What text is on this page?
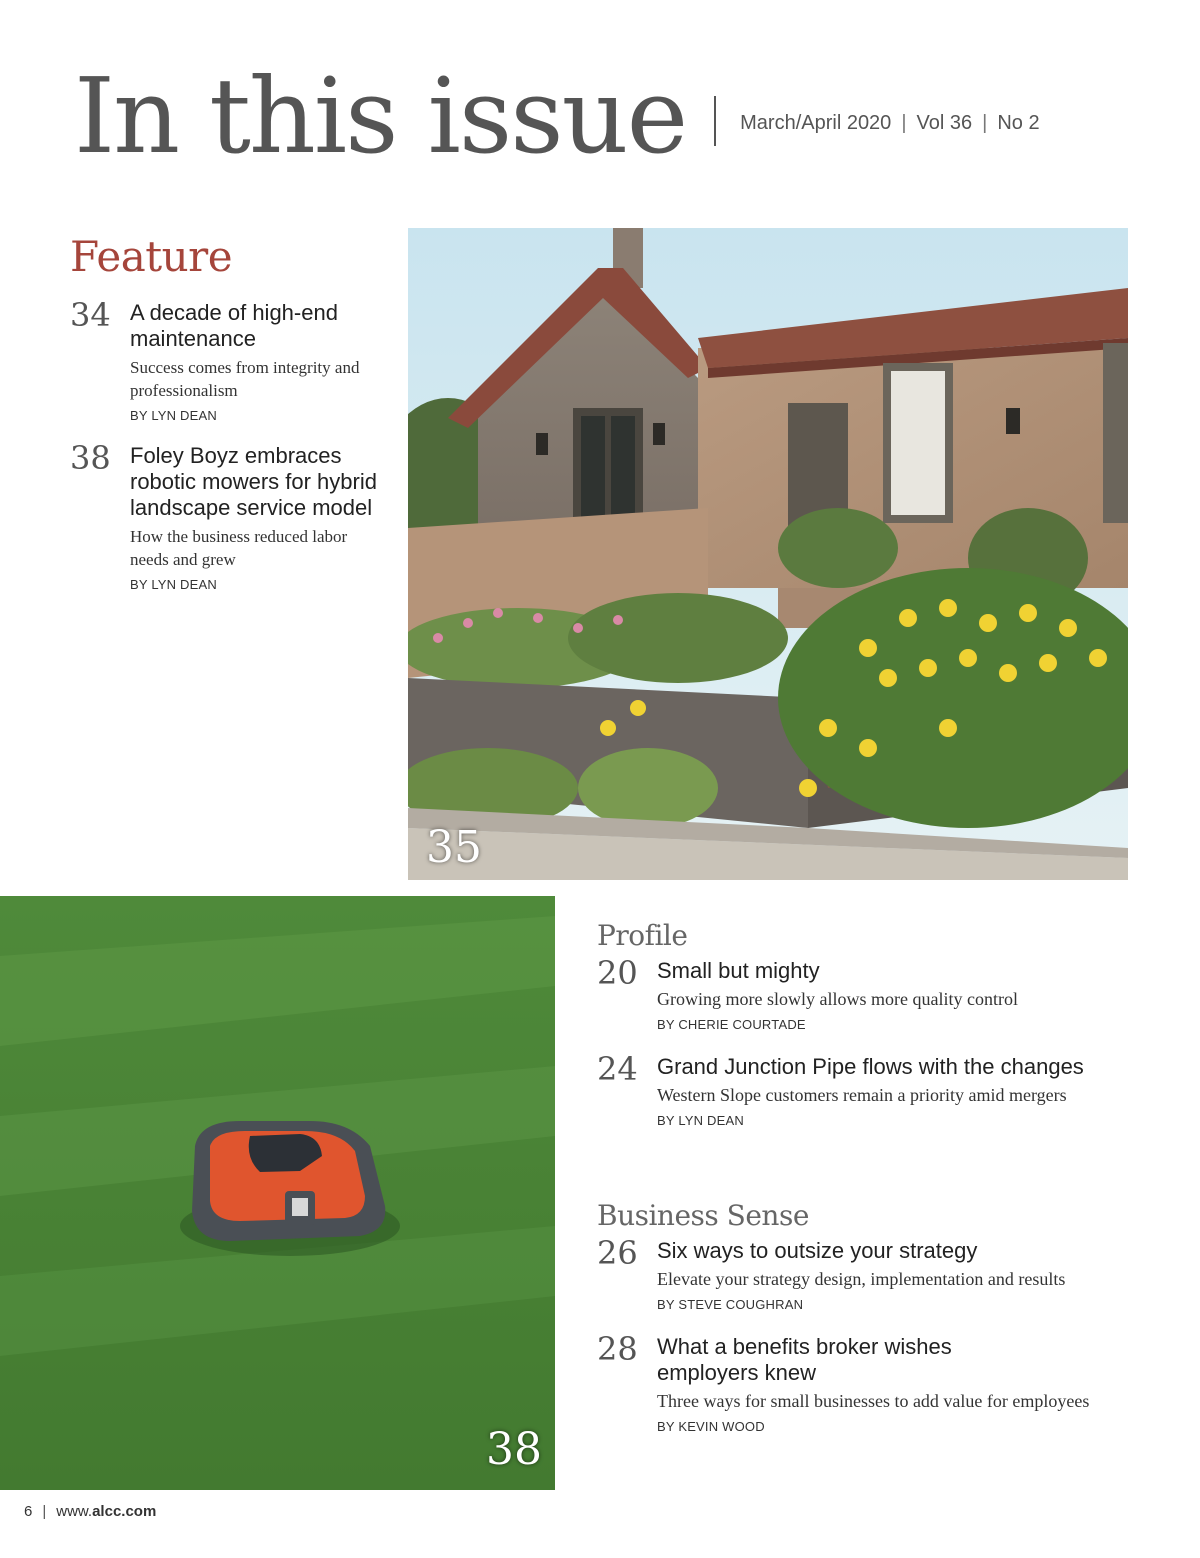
In this issue	March/April 2020 | Vol 36 | No 2
Feature
34 A decade of high-end maintenance
Success comes from integrity and professionalism
BY LYN DEAN
38 Foley Boyz embraces robotic mowers for hybrid landscape service model
How the business reduced labor needs and grew
BY LYN DEAN
35
38
Profile
20 Small but mighty
Growing more slowly allows more quality control
BY CHERIE COURTADE
24 Grand Junction Pipe flows with the changes
Western Slope customers remain a priority amid mergers
BY LYN DEAN
Business Sense
26 Six ways to outsize your strategy
Elevate your strategy design, implementation and results
BY STEVE COUGHRAN
28 What a benefits broker wishes employers knew
Three ways for small businesses to add value for employees
BY KEVIN WOOD
6 | www.alcc.com
